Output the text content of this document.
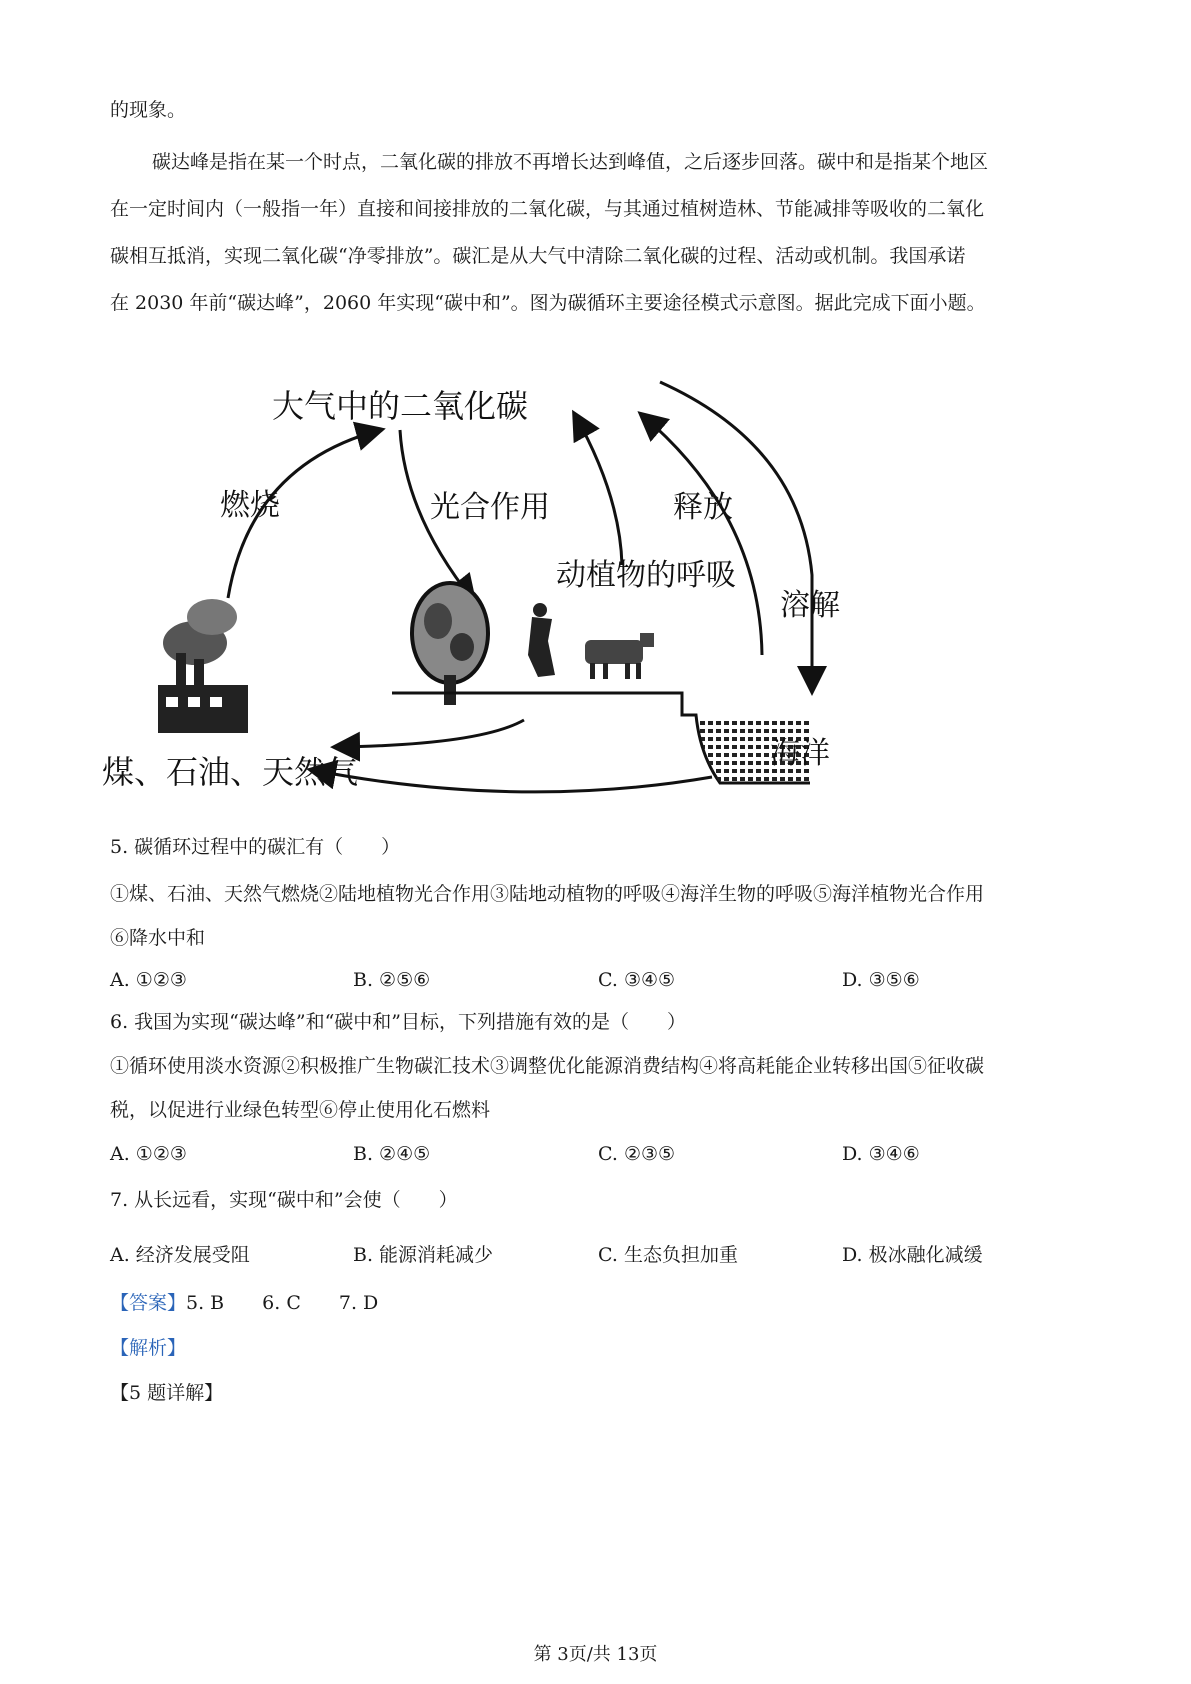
的现象。
碳达峰是指在某一个时点，二氧化碳的排放不再增长达到峰值，之后逐步回落。碳中和是指某个地区
在一定时间内（一般指一年）直接和间接排放的二氧化碳，与其通过植树造林、节能减排等吸收的二氧化
碳相互抵消，实现二氧化碳“净零排放”。碳汇是从大气中清除二氧化碳的过程、活动或机制。我国承诺
在 2030 年前“碳达峰”，2060 年实现“碳中和”。图为碳循环主要途径模式示意图。据此完成下面小题。
大气中的二氧化碳
燃烧	光合作用
动植物的呼吸
释放
溶解
煤、石油、天然气	海洋
5. 碳循环过程中的碳汇有（　　）
①煤、石油、天然气燃烧②陆地植物光合作用③陆地动植物的呼吸④海洋生物的呼吸⑤海洋植物光合作用
⑥降水中和
A. ①②③	B. ②⑤⑥	C. ③④⑤	D. ③⑤⑥
6. 我国为实现“碳达峰”和“碳中和”目标，下列措施有效的是（　　）
①循环使用淡水资源②积极推广生物碳汇技术③调整优化能源消费结构④将高耗能企业转移出国⑤征收碳
税，以促进行业绿色转型⑥停止使用化石燃料
A. ①②③	B. ②④⑤	C. ②③⑤	D. ③④⑥
7. 从长远看，实现“碳中和”会使（　　）
A. 经济发展受阻	B. 能源消耗减少	C. 生态负担加重	D. 极冰融化减缓
【答案】5. B　　6. C　　7. D
【解析】
【5 题详解】
第 3页/共 13页
